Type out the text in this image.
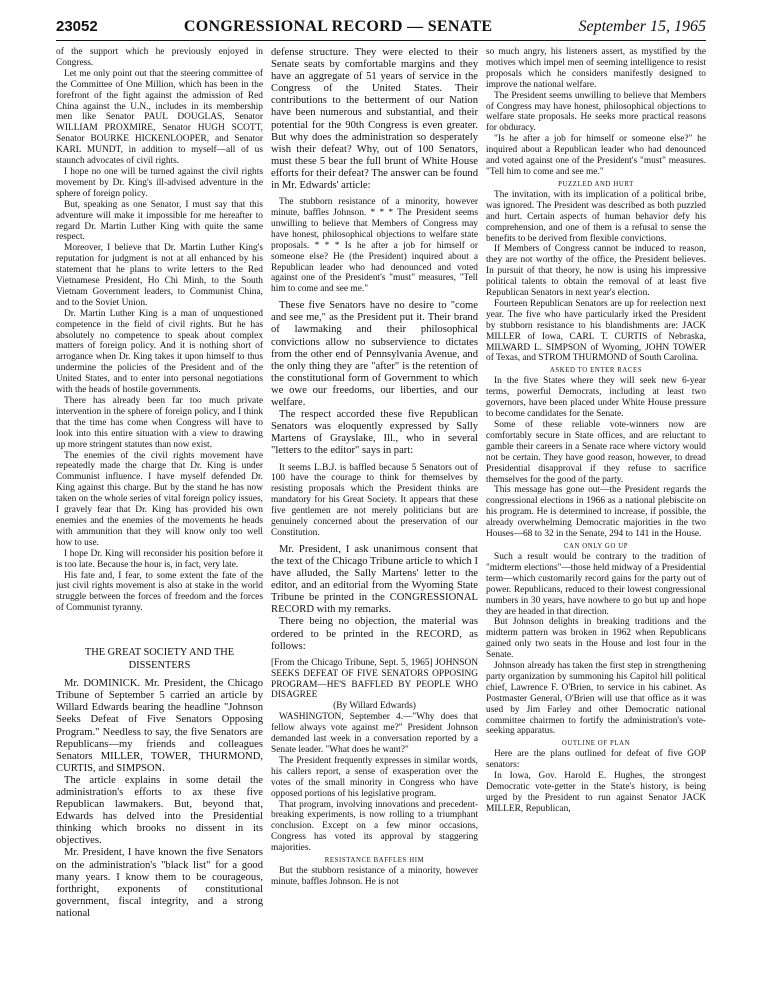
23052	CONGRESSIONAL RECORD — SENATE	September 15, 1965

of the support which he previously enjoyed in Congress.

Let me only point out that the steering committee of the Committee of One Million, which has been in the forefront of the fight against the admission of Red China against the U.N., includes in its membership men like Senator PAUL DOUGLAS, Senator WILLIAM PROXMIRE, Senator HUGH SCOTT, Senator BOURKE HICKENLOOPER, and Senator KARL MUNDT, in addition to myself—all of us staunch advocates of civil rights.

I hope no one will be turned against the civil rights movement by Dr. King's ill-advised adventure in the sphere of foreign policy.

But, speaking as one Senator, I must say that this adventure will make it impossible for me hereafter to regard Dr. Martin Luther King with quite the same respect.

Moreover, I believe that Dr. Martin Luther King's reputation for judgment is not at all enhanced by his statement that he plans to write letters to the Red Vietnamese President, Ho Chi Minh, to the South Vietnam Government leaders, to Communist China, and to the Soviet Union.

Dr. Martin Luther King is a man of unquestioned competence in the field of civil rights. But he has absolutely no competence to speak about complex matters of foreign policy. And it is nothing short of arrogance when Dr. King takes it upon himself to thus undermine the policies of the President and of the United States, and to enter into personal negotiations with the heads of hostile governments.

There has already been far too much private intervention in the sphere of foreign policy, and I think that the time has come when Congress will have to look into this entire situation with a view to drawing up more stringent statutes than now exist.

The enemies of the civil rights movement have repeatedly made the charge that Dr. King is under Communist influence. I have myself defended Dr. King against this charge. But by the stand he has now taken on the whole series of vital foreign policy issues, I gravely fear that Dr. King has provided his own enemies and the enemies of the movements he heads with ammunition that they will know only too well how to use.

I hope Dr. King will reconsider his position before it is too late. Because the hour is, in fact, very late.

His fate and, I fear, to some extent the fate of the just civil rights movement is also at stake in the world struggle between the forces of freedom and the forces of Communist tyranny.

THE GREAT SOCIETY AND THE
DISSENTERS

Mr. DOMINICK. Mr. President, the Chicago Tribune of September 5 carried an article by Willard Edwards bearing the headline "Johnson Seeks Defeat of Five Senators Opposing Program." Needless to say, the five Senators are Republicans—my friends and colleagues Senators MILLER, TOWER, THURMOND, CURTIS, and SIMPSON.

The article explains in some detail the administration's efforts to ax these five Republican lawmakers. But, beyond that, Edwards has delved into the Presidential thinking which brooks no dissent in its objectives.

Mr. President, I have known the five Senators on the administration's "black list" for a good many years. I know them to be courageous, forthright, exponents of constitutional government, fiscal integrity, and a strong national

defense structure. They were elected to their Senate seats by comfortable margins and they have an aggregate of 51 years of service in the Congress of the United States. Their contributions to the betterment of our Nation have been numerous and substantial, and their potential for the 90th Congress is even greater. But why does the administration so desperately wish their defeat? Why, out of 100 Senators, must these 5 bear the full brunt of White House efforts for their defeat? The answer can be found in Mr. Edwards' article:

The stubborn resistance of a minority, however minute, baffles Johnson. * * * The President seems unwilling to believe that Members of Congress may have honest, philosophical objections to welfare state proposals. * * * Is he after a job for himself or someone else? He (the President) inquired about a Republican leader who had denounced and voted against one of the President's "must" measures, "Tell him to come and see me."

These five Senators have no desire to "come and see me," as the President put it. Their brand of lawmaking and their philosophical convictions allow no subservience to dictates from the other end of Pennsylvania Avenue, and the only thing they are "after" is the retention of the constitutional form of Government to which we owe our freedoms, our liberties, and our welfare.

The respect accorded these five Republican Senators was eloquently expressed by Sally Martens of Grayslake, Ill., who in several "letters to the editor" says in part:

It seems L.B.J. is baffled because 5 Senators out of 100 have the courage to think for themselves by resisting proposals which the President thinks are mandatory for his Great Society. It appears that these five gentlemen are not merely politicians but are genuinely concerned about the preservation of our Constitution.

Mr. President, I ask unanimous consent that the text of the Chicago Tribune article to which I have alluded, the Sally Martens' letter to the editor, and an editorial from the Wyoming State Tribune be printed in the CONGRESSIONAL RECORD with my remarks.

There being no objection, the material was ordered to be printed in the RECORD, as follows:

[From the Chicago Tribune, Sept. 5, 1965] JOHNSON SEEKS DEFEAT OF FIVE SENATORS OPPOSING PROGRAM—HE'S BAFFLED BY PEOPLE WHO DISAGREE

(By Willard Edwards)

WASHINGTON, September 4.—"Why does that fellow always vote against me?" President Johnson demanded last week in a conversation reported by a Senate leader. "What does he want?"

The President frequently expresses in similar words, his callers report, a sense of exasperation over the votes of the small minority in Congress who have opposed portions of his legislative program.

That program, involving innovations and precedent-breaking experiments, is now rolling to a triumphant conclusion. Except on a few minor occasions, Congress has voted its approval by staggering majorities.

RESISTANCE BAFFLES HIM

But the stubborn resistance of a minority, however minute, baffles Johnson. He is not

so much angry, his listeners assert, as mystified by the motives which impel men of seeming intelligence to resist proposals which he considers manifestly designed to improve the national welfare.

The President seems unwilling to believe that Members of Congress may have honest, philosophical objections to welfare state proposals. He seeks more practical reasons for obduracy.

"Is he after a job for himself or someone else?" he inquired about a Republican leader who had denounced and voted against one of the President's "must" measures. "Tell him to come and see me."

PUZZLED AND HURT

The invitation, with its implication of a political bribe, was ignored. The President was described as both puzzled and hurt. Certain aspects of human behavior defy his comprehension, and one of them is a refusal to sense the benefits to be derived from flexible convictions.

If Members of Congress cannot be induced to reason, they are not worthy of the office, the President believes. In pursuit of that theory, he now is using his impressive political talents to obtain the removal of at least five Republican Senators in next year's election.

Fourteen Republican Senators are up for reelection next year. The five who have particularly irked the President by stubborn resistance to his blandishments are: JACK MILLER of Iowa, CARL T. CURTIS of Nebraska, MILWARD L. SIMPSON of Wyoming, JOHN TOWER of Texas, and STROM THURMOND of South Carolina.

ASKED TO ENTER RACES

In the five States where they will seek new 6-year terms, powerful Democrats, including at least two governors, have been placed under White House pressure to become candidates for the Senate.

Some of these reliable vote-winners now are comfortably secure in State offices, and are reluctant to gamble their careers in a Senate race where victory would not be certain. They have good reason, however, to dread Presidential disapproval if they refuse to sacrifice themselves for the good of the party.

This message has gone out—the President regards the congressional elections in 1966 as a national plebiscite on his program. He is determined to increase, if possible, the already overwhelming Democratic majorities in the two Houses—68 to 32 in the Senate, 294 to 141 in the House.

CAN ONLY GO UP

Such a result would be contrary to the tradition of "midterm elections"—those held midway of a Presidential term—which customarily record gains for the party out of power. Republicans, reduced to their lowest congressional numbers in 30 years, have nowhere to go but up and hope they are headed in that direction.

But Johnson delights in breaking traditions and the midterm pattern was broken in 1962 when Republicans gained only two seats in the House and lost four in the Senate.

Johnson already has taken the first step in strengthening party organization by summoning his Capitol hill political chief, Lawrence F. O'Brien, to service in his cabinet. As Postmaster General, O'Brien will use that office as it was used by Jim Farley and other Democratic national committee chairmen to fortify the administration's vote-seeking apparatus.

OUTLINE OF PLAN

Here are the plans outlined for defeat of five GOP senators:

In Iowa, Gov. Harold E. Hughes, the strongest Democratic vote-getter in the State's history, is being urged by the President to run against Senator JACK MILLER, Republican,
